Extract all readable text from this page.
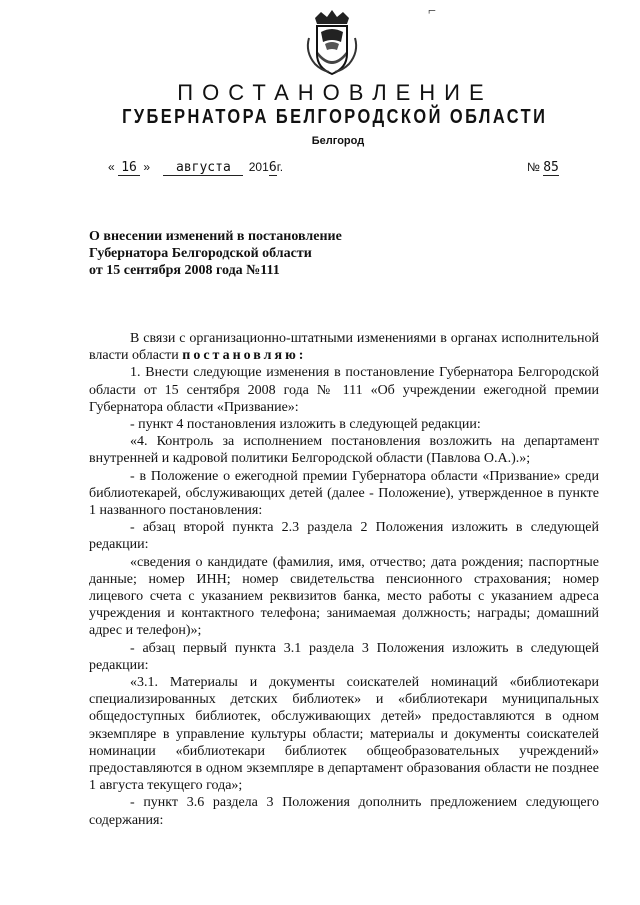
⌐
ПОСТАНОВЛЕНИЕ
ГУБЕРНАТОРА БЕЛГОРОДСКОЙ ОБЛАСТИ
Белгород
« 16 » августа 2016г.	№ 85
О внесении изменений в постановление
Губернатора Белгородской области
от 15 сентября 2008 года №111

В связи с организационно-штатными изменениями в органах исполнительной власти области постановляю:

1. Внести следующие изменения в постановление Губернатора Белгородской области от 15 сентября 2008 года № 111 «Об учреждении ежегодной премии Губернатора области «Призвание»:

- пункт 4 постановления изложить в следующей редакции:

«4. Контроль за исполнением постановления возложить на департамент внутренней и кадровой политики Белгородской области (Павлова О.А.).»;

- в Положение о ежегодной премии Губернатора области «Призвание» среди библиотекарей, обслуживающих детей (далее - Положение), утвержденное в пункте 1 названного постановления:

- абзац второй пункта 2.3 раздела 2 Положения изложить в следующей редакции:

«сведения о кандидате (фамилия, имя, отчество; дата рождения; паспортные данные; номер ИНН; номер свидетельства пенсионного страхования; номер лицевого счета с указанием реквизитов банка, место работы с указанием адреса учреждения и контактного телефона; занимаемая должность; награды; домашний адрес и телефон)»;

- абзац первый пункта 3.1 раздела 3 Положения изложить в следующей редакции:

«3.1. Материалы и документы соискателей номинаций «библиотекари специализированных детских библиотек» и «библиотекари муниципальных общедоступных библиотек, обслуживающих детей» предоставляются в одном экземпляре в управление культуры области; материалы и документы соискателей номинации «библиотекари библиотек общеобразовательных учреждений» предоставляются в одном экземпляре в департамент образования области не позднее 1 августа текущего года»;

- пункт 3.6 раздела 3 Положения дополнить предложением следующего содержания:
